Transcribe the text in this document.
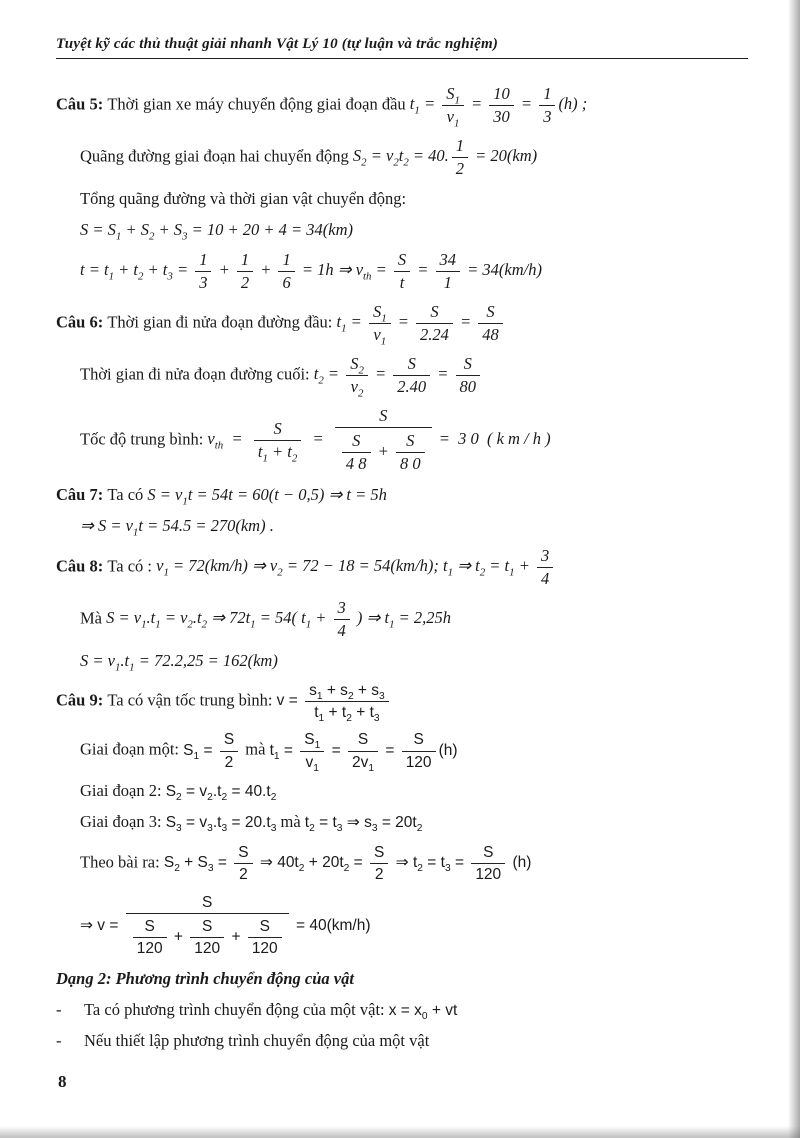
Tuyệt kỹ các thủ thuật giải nhanh Vật Lý 10 (tự luận và trắc nghiệm)
Câu 5: Thời gian xe máy chuyển động giai đoạn đầu $t_1 = \frac{S_1}{v_1} = \frac{10}{30} = \frac{1}{3} (h)$ ;
Quãng đường giai đoạn hai chuyển động $S_2 = v_2t_2 = 40$. $\frac{1}{2} = 20(km)$
Tổng quãng đường và thời gian vật chuyển động:
$S = S_1 + S_2 + S_3 = 10 + 20 + 4 = 34(km)$
$t = t_1 + t_2 + t_3 = \frac{1}{3} + \frac{1}{2} + \frac{1}{6} = 1h$ ⇒ $v_{th} = \frac{S}{t} = \frac{34}{1} = 34(km/h)$
Câu 6: Thời gian đi nửa đoạn đường đầu: $t_1 = \frac{S_1}{v_1} = \frac{S}{2.24} = \frac{S}{48}$
Thời gian đi nửa đoạn đường cuối: $t_2 = \frac{S_2}{v_2} = \frac{S}{2.40} = \frac{S}{80}$
Tốc độ trung bình: $v_{th} = \frac{S}{t_1 + t_2} = \frac{S}{\frac{S}{4 8} + \frac{S}{8 0}} = 3$ 0  ( k m / h )
Câu 7: Ta có $S = v_1t = 54t = 60(t - 0,5)$ ⇒ t = 5h
⇒ $S = v_1t = 54.5 = 270(km)$ .
Câu 8: Ta có : $v_1 = 72(km/h)$ ⇒ $v_2 = 72 - 18 = 54(km/h)$; $t_1$ ⇒ $t_2 = t_1 + \frac{3}{4}$
Mà $S = v_1.t_1 = v_2.t_2$ ⇒ $72t_1 = 54$( $t_1 + \frac{3}{4}$ ) ⇒ $t_1 = 2,25h$
$S = v_1.t_1 = 72.2,25 = 162(km)$
Câu 9: Ta có vận tốc trung bình: $v = \frac{s_1 + s_2 + s_3}{t_1 + t_2 + t_3}$
Giai đoạn một: $S_1 = \frac{S}{2}$ mà $t_1 = \frac{S_1}{v_1} = \frac{S}{2v_1} = \frac{S}{120} (h)$
Giai đoạn 2: $S_2 = v_2.t_2 = 40.t_2$
Giai đoạn 3: $S_3 = v_3.t_3 = 20.t_3$ mà $t_2 = t_3$ ⇒ $s_3 = 20t_2$
Theo bài ra: $S_2 + S_3 = \frac{S}{2}$ ⇒ $40t_2 + 20t_2 = \frac{S}{2}$ ⇒ $t_2 = t_3 = \frac{S}{120} (h)$
⇒ $v = \frac{S}{\frac{S}{120} + \frac{S}{120} + \frac{S}{120}} = 40(km/h)$
Dạng 2: Phương trình chuyển động của vật
- Ta có phương trình chuyển động của một vật: $x = x_0$ + vt
- Nếu thiết lập phương trình chuyển động của một vật
8
